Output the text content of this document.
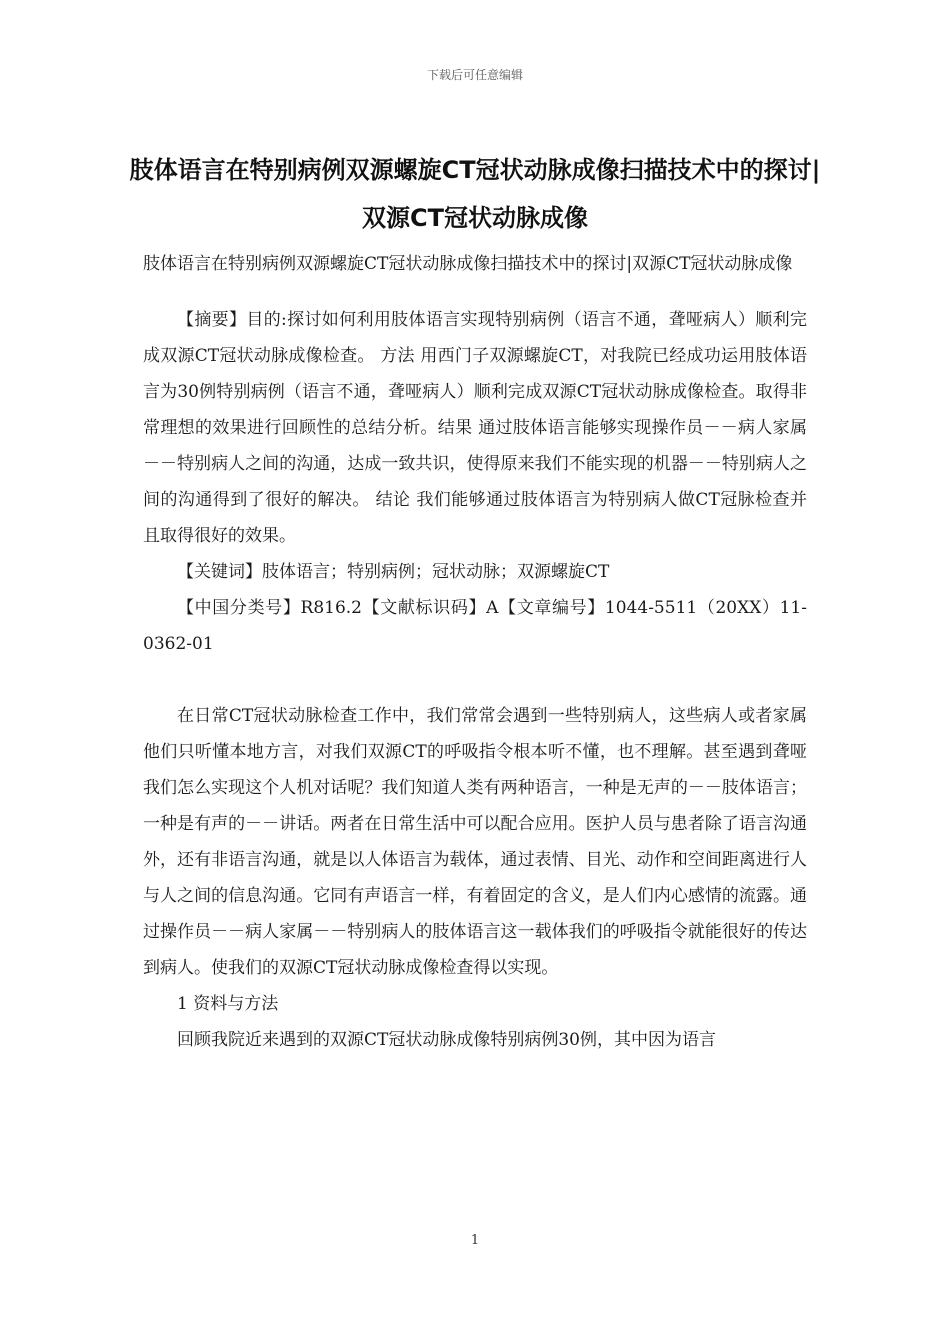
下载后可任意编辑
肢体语言在特别病例双源螺旋CT冠状动脉成像扫描技术中的探讨|双源CT冠状动脉成像

肢体语言在特别病例双源螺旋CT冠状动脉成像扫描技术中的探讨|双源CT冠状动脉成像

【摘要】目的:探讨如何利用肢体语言实现特别病例（语言不通，聋哑病人）顺利完成双源CT冠状动脉成像检查。 方法 用西门子双源螺旋CT，对我院已经成功运用肢体语言为30例特别病例（语言不通，聋哑病人）顺利完成双源CT冠状动脉成像检查。取得非常理想的效果进行回顾性的总结分析。结果 通过肢体语言能够实现操作员－－病人家属－－特别病人之间的沟通，达成一致共识，使得原来我们不能实现的机器－－特别病人之间的沟通得到了很好的解决。 结论 我们能够通过肢体语言为特别病人做CT冠脉检查并且取得很好的效果。

【关键词】肢体语言；特别病例；冠状动脉；双源螺旋CT

【中国分类号】R816.2【文献标识码】A【文章编号】1044-5511（20XX）11-0362-01

在日常CT冠状动脉检查工作中，我们常常会遇到一些特别病人，这些病人或者家属他们只听懂本地方言，对我们双源CT的呼吸指令根本听不懂，也不理解。甚至遇到聋哑我们怎么实现这个人机对话呢？我们知道人类有两种语言，一种是无声的－－肢体语言；一种是有声的－－讲话。两者在日常生活中可以配合应用。医护人员与患者除了语言沟通外，还有非语言沟通，就是以人体语言为载体，通过表情、目光、动作和空间距离进行人与人之间的信息沟通。它同有声语言一样，有着固定的含义，是人们内心感情的流露。通过操作员－－病人家属－－特别病人的肢体语言这一载体我们的呼吸指令就能很好的传达到病人。使我们的双源CT冠状动脉成像检查得以实现。

1 资料与方法

回顾我院近来遇到的双源CT冠状动脉成像特别病例30例，其中因为语言

1
